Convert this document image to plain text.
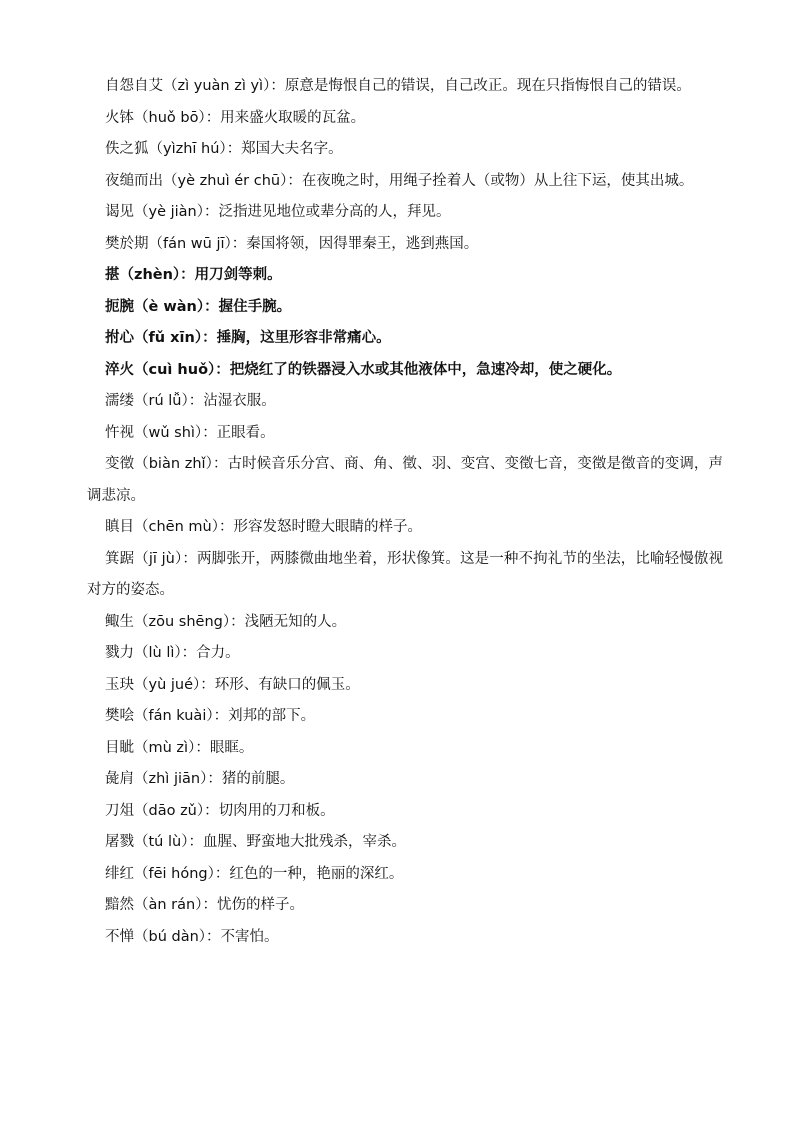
自怨自艾（zì yuàn zì yì）：原意是悔恨自己的错误，自己改正。现在只指悔恨自己的错误。

火钵（huǒ bō）：用来盛火取暖的瓦盆。

佚之狐（yìzhī hú）：郑国大夫名字。

夜缒而出（yè zhuì ér chū）：在夜晚之时，用绳子拴着人（或物）从上往下运，使其出城。

谒见（yè jiàn）：泛指进见地位或辈分高的人，拜见。

樊於期（fán wū jī）：秦国将领，因得罪秦王，逃到燕国。

揕（zhèn）：用刀剑等刺。

扼腕（è wàn）：握住手腕。

拊心（fǔ xīn）：捶胸，这里形容非常痛心。

淬火（cuì huǒ）：把烧红了的铁器浸入水或其他液体中，急速冷却，使之硬化。

濡缕（rú lǚ）：沾湿衣服。

忤视（wǔ shì）：正眼看。

变徵（biàn zhǐ）：古时候音乐分宫、商、角、徵、羽、变宫、变徵七音，变徵是徵音的变调，声调悲凉。

瞋目（chēn mù）：形容发怒时瞪大眼睛的样子。

箕踞（jī jù）：两脚张开，两膝微曲地坐着，形状像箕。这是一种不拘礼节的坐法，比喻轻慢傲视对方的姿态。

鲰生（zōu shēng）：浅陋无知的人。

戮力（lù lì）：合力。

玉玦（yù jué）：环形、有缺口的佩玉。

樊哙（fán kuài）：刘邦的部下。

目眦（mù zì）：眼眶。

彘肩（zhì jiān）：猪的前腿。

刀俎（dāo zǔ）：切肉用的刀和板。

屠戮（tú lù）：血腥、野蛮地大批残杀，宰杀。

绯红（fēi hóng）：红色的一种，艳丽的深红。

黯然（àn rán）：忧伤的样子。

不惮（bú dàn）：不害怕。
